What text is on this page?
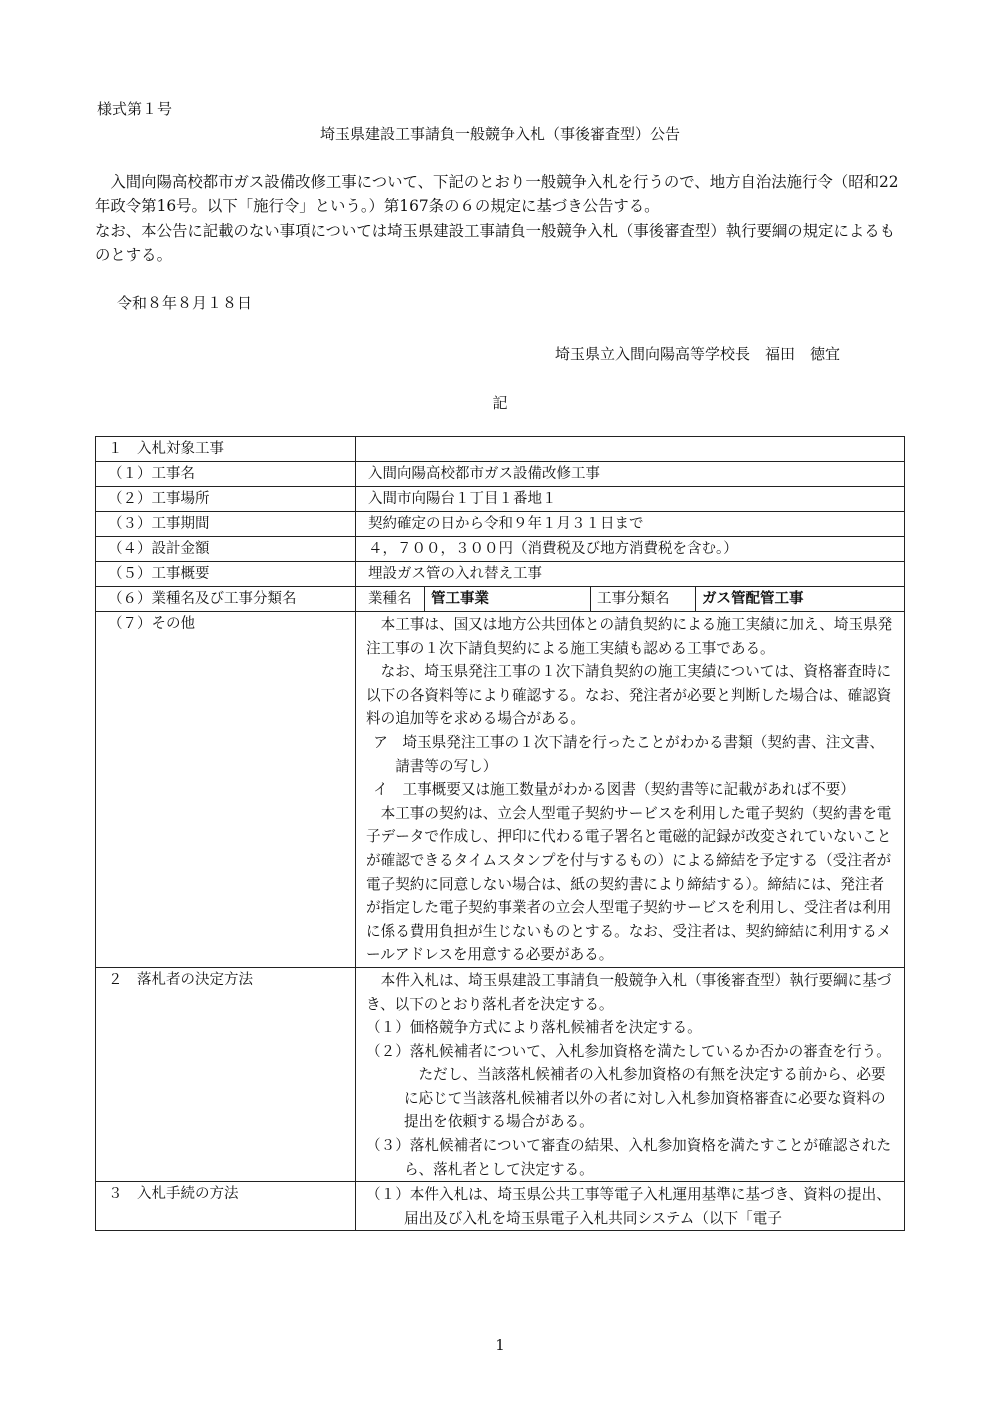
様式第１号
埼玉県建設工事請負一般競争入札（事後審査型）公告

入間向陽高校都市ガス設備改修工事について、下記のとおり一般競争入札を行うので、地方自治法施行令（昭和22年政令第16号。以下「施行令」という。）第167条の６の規定に基づき公告する。

なお、本公告に記載のない事項については埼玉県建設工事請負一般競争入札（事後審査型）執行要綱の規定によるものとする。

令和８年８月１８日
埼玉県立入間向陽高等学校長　福田　徳宜
記
１　入札対象工事	
（１）工事名	入間向陽高校都市ガス設備改修工事
（２）工事場所	入間市向陽台１丁目１番地１
（３）工事期間	契約確定の日から令和９年１月３１日まで
（４）設計金額	４，７００，３００円（消費税及び地方消費税を含む。）
（５）工事概要	埋設ガス管の入れ替え工事
（６）業種名及び工事分類名	業種名 管工事業 工事分類名 ガス管配管工事

（７）その他	本工事は、国又は地方公共団体との請負契約による施工実績に加え、埼玉県発注工事の１次下請負契約による施工実績も認める工事である。
なお、埼玉県発注工事の１次下請負契約の施工実績については、資格審査時に以下の各資料等により確認する。なお、発注者が必要と判断した場合は、確認資料の追加等を求める場合がある。
ア　埼玉県発注工事の１次下請を行ったことがわかる書類（契約書、注文書、請書等の写し）
イ　工事概要又は施工数量がわかる図書（契約書等に記載があれば不要）
本工事の契約は、立会人型電子契約サービスを利用した電子契約（契約書を電子データで作成し、押印に代わる電子署名と電磁的記録が改変されていないことが確認できるタイムスタンプを付与するもの）による締結を予定する（受注者が電子契約に同意しない場合は、紙の契約書により締結する）。締結には、発注者が指定した電子契約事業者の立会人型電子契約サービスを利用し、受注者は利用に係る費用負担が生じないものとする。なお、受注者は、契約締結に利用するメールアドレスを用意する必要がある。

２　落札者の決定方法	本件入札は、埼玉県建設工事請負一般競争入札（事後審査型）執行要綱に基づき、以下のとおり落札者を決定する。
（１）価格競争方式により落札候補者を決定する。
（２）落札候補者について、入札参加資格を満たしているか否かの審査を行う。
ただし、当該落札候補者の入札参加資格の有無を決定する前から、必要に応じて当該落札候補者以外の者に対し入札参加資格審査に必要な資料の提出を依頼する場合がある。
（３）落札候補者について審査の結果、入札参加資格を満たすことが確認されたら、落札者として決定する。

３　入札手続の方法	（１）本件入札は、埼玉県公共工事等電子入札運用基準に基づき、資料の提出、届出及び入札を埼玉県電子入札共同システム（以下「電子
1
